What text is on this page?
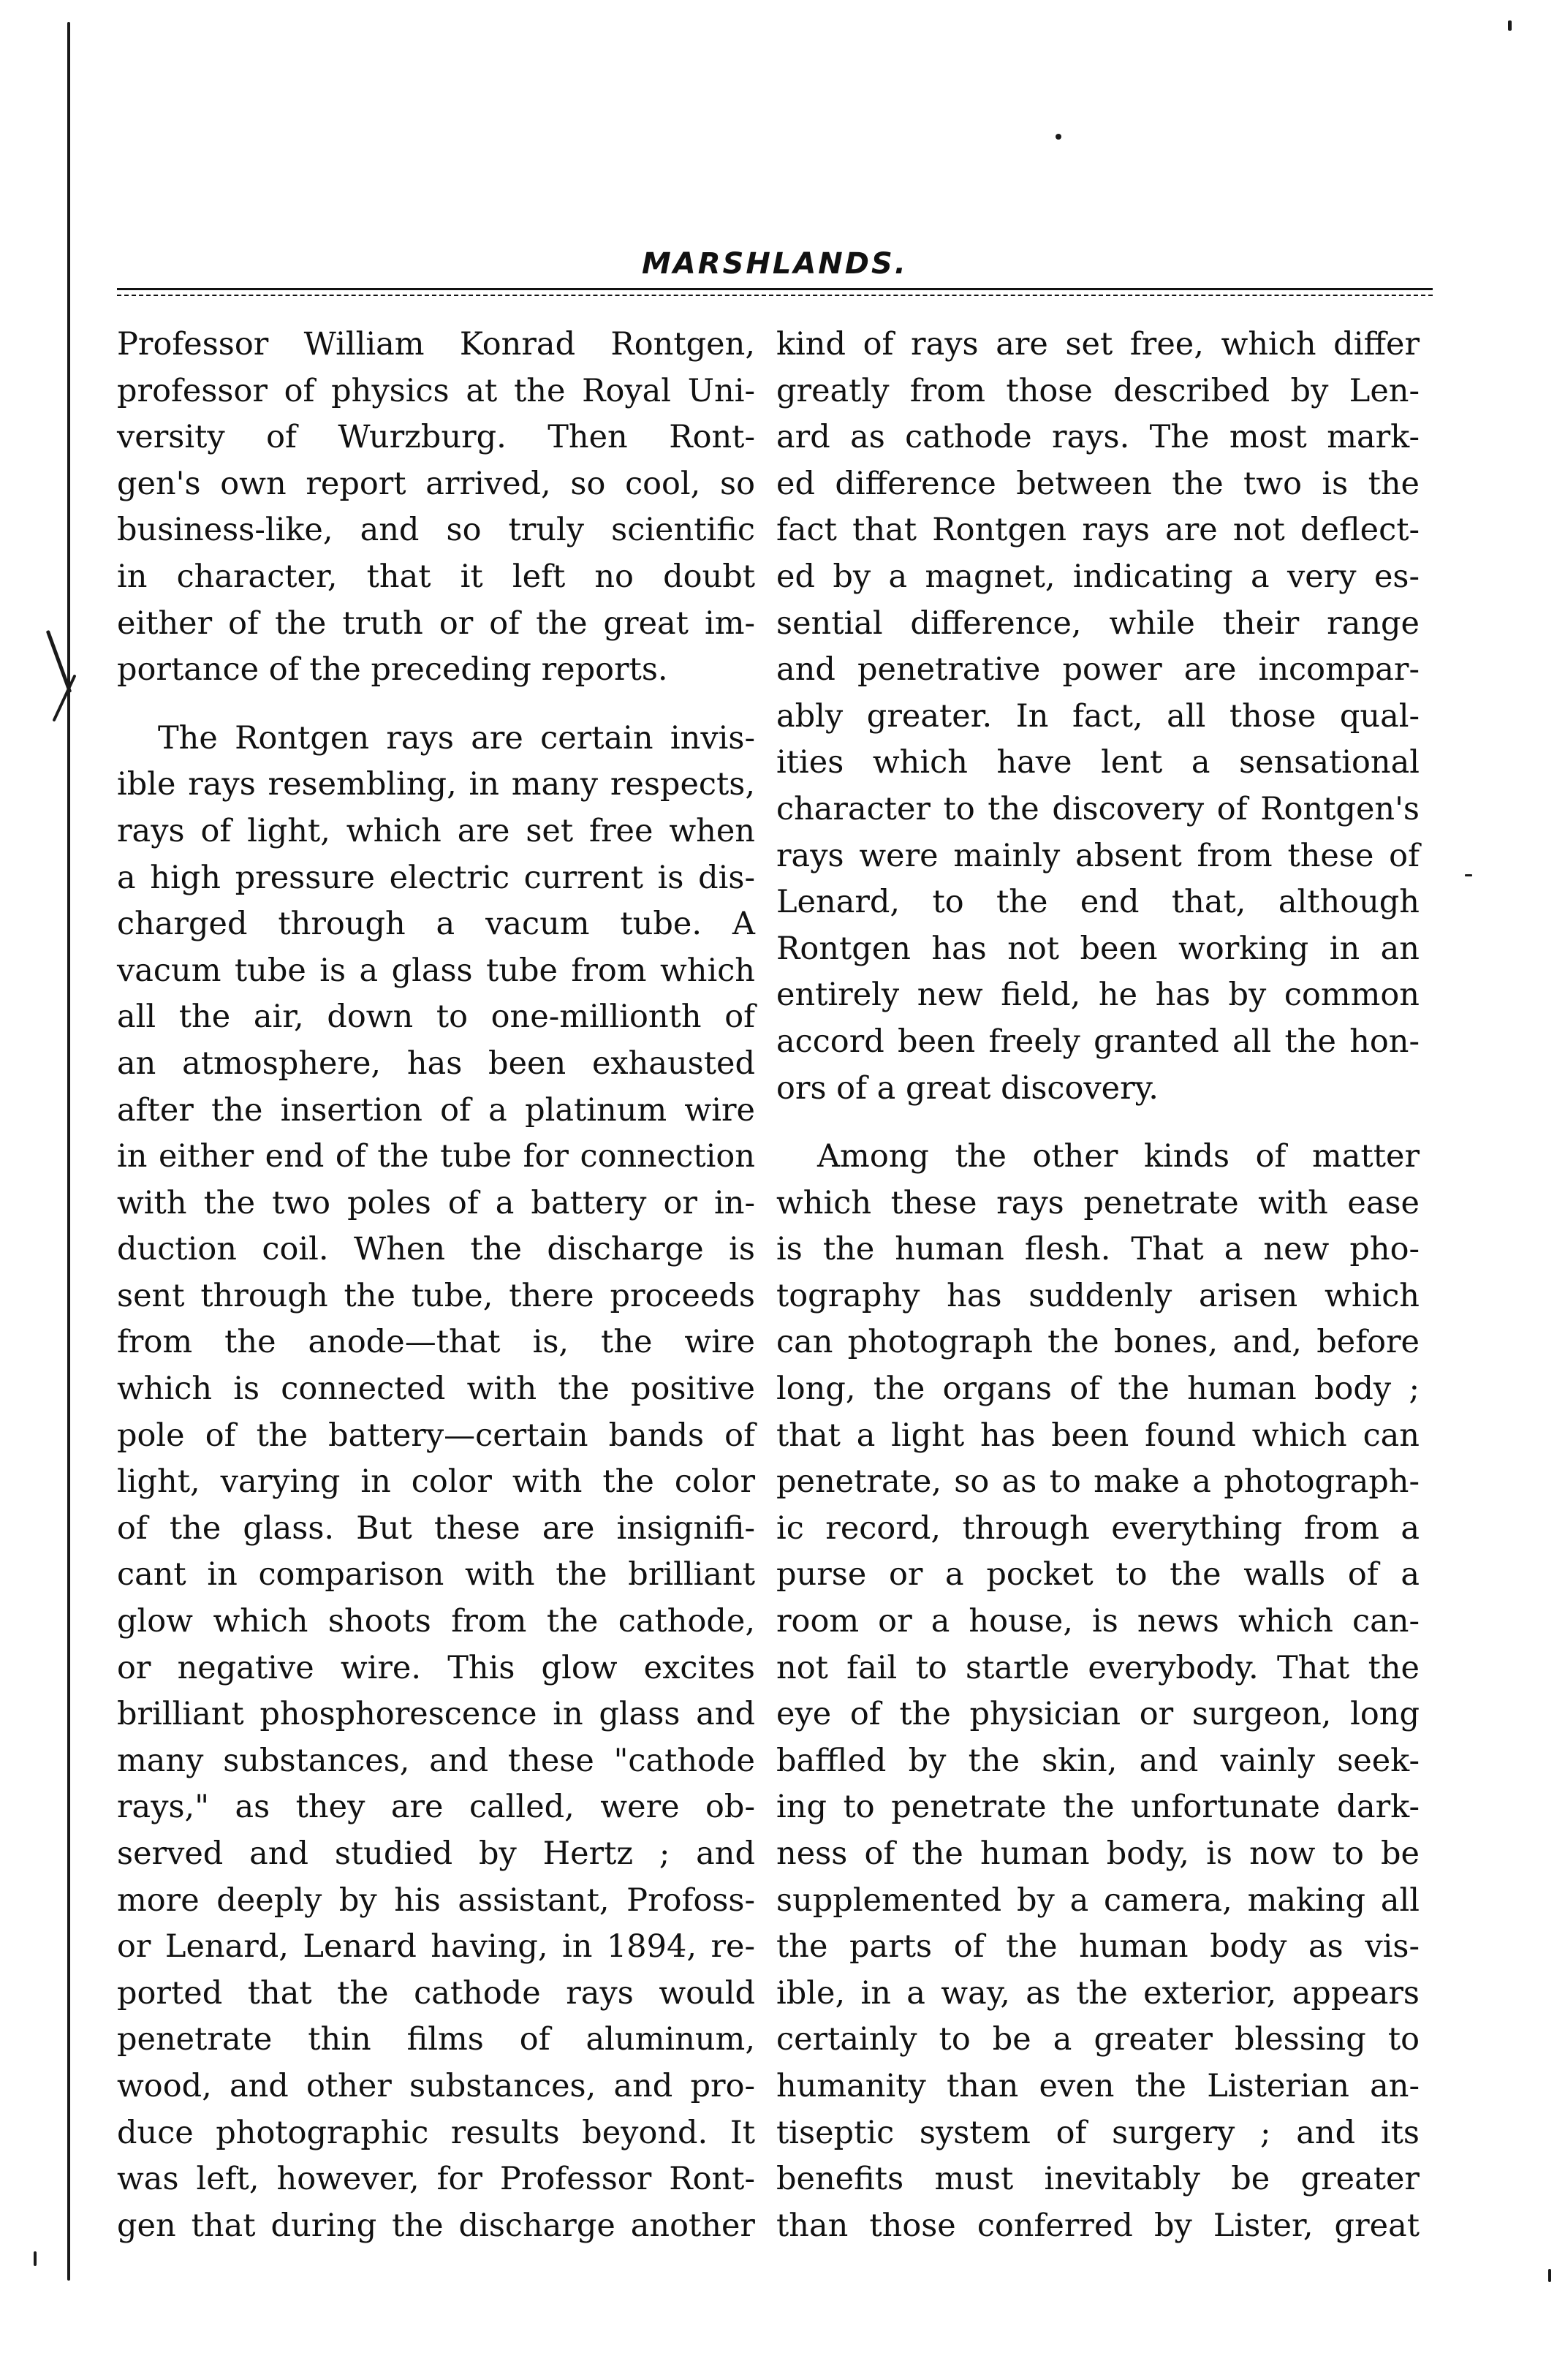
MARSHLANDS.
Professor William Konrad Rontgen,
professor of physics at the Royal Uni-
versity of Wurzburg. Then Ront-
gen's own report arrived, so cool, so
business-like, and so truly scientific
in character, that it left no doubt
either of the truth or of the great im-
portance of the preceding reports.
The Rontgen rays are certain invis-
ible rays resembling, in many respects,
rays of light, which are set free when
a high pressure electric current is dis-
charged through a vacum tube. A
vacum tube is a glass tube from which
all the air, down to one-millionth of
an atmosphere, has been exhausted
after the insertion of a platinum wire
in either end of the tube for connection
with the two poles of a battery or in-
duction coil. When the discharge is
sent through the tube, there proceeds
from the anode—that is, the wire
which is connected with the positive
pole of the battery—certain bands of
light, varying in color with the color
of the glass. But these are insignifi-
cant in comparison with the brilliant
glow which shoots from the cathode,
or negative wire. This glow excites
brilliant phosphorescence in glass and
many substances, and these "cathode
rays," as they are called, were ob-
served and studied by Hertz ; and
more deeply by his assistant, Profoss-
or Lenard, Lenard having, in 1894, re-
ported that the cathode rays would
penetrate thin films of aluminum,
wood, and other substances, and pro-
duce photographic results beyond. It
was left, however, for Professor Ront-
gen that during the discharge another
kind of rays are set free, which differ
greatly from those described by Len-
ard as cathode rays. The most mark-
ed difference between the two is the
fact that Rontgen rays are not deflect-
ed by a magnet, indicating a very es-
sential difference, while their range
and penetrative power are incompar-
ably greater. In fact, all those qual-
ities which have lent a sensational
character to the discovery of Rontgen's
rays were mainly absent from these of
Lenard, to the end that, although
Rontgen has not been working in an
entirely new field, he has by common
accord been freely granted all the hon-
ors of a great discovery.
Among the other kinds of matter
which these rays penetrate with ease
is the human flesh. That a new pho-
tography has suddenly arisen which
can photograph the bones, and, before
long, the organs of the human body ;
that a light has been found which can
penetrate, so as to make a photograph-
ic record, through everything from a
purse or a pocket to the walls of a
room or a house, is news which can-
not fail to startle everybody. That the
eye of the physician or surgeon, long
baffled by the skin, and vainly seek-
ing to penetrate the unfortunate dark-
ness of the human body, is now to be
supplemented by a camera, making all
the parts of the human body as vis-
ible, in a way, as the exterior, appears
certainly to be a greater blessing to
humanity than even the Listerian an-
tiseptic system of surgery ; and its
benefits must inevitably be greater
than those conferred by Lister, great
